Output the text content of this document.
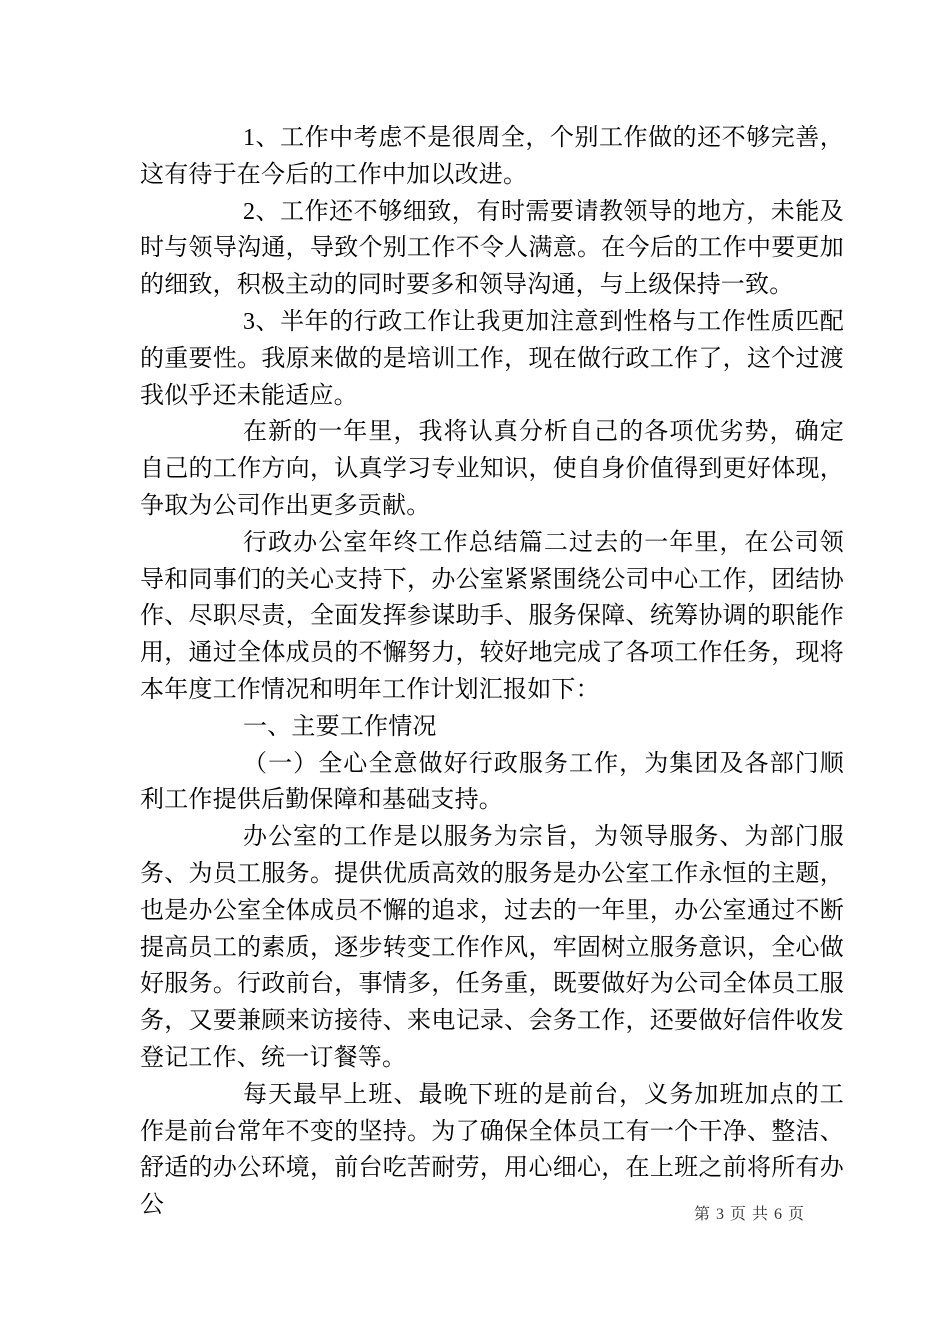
1、工作中考虑不是很周全，个别工作做的还不够完善，这有待于在今后的工作中加以改进。

2、工作还不够细致，有时需要请教领导的地方，未能及时与领导沟通，导致个别工作不令人满意。在今后的工作中要更加的细致，积极主动的同时要多和领导沟通，与上级保持一致。

3、半年的行政工作让我更加注意到性格与工作性质匹配的重要性。我原来做的是培训工作，现在做行政工作了，这个过渡我似乎还未能适应。

在新的一年里，我将认真分析自己的各项优劣势，确定自己的工作方向，认真学习专业知识，使自身价值得到更好体现，争取为公司作出更多贡献。

行政办公室年终工作总结篇二过去的一年里，在公司领导和同事们的关心支持下，办公室紧紧围绕公司中心工作，团结协作、尽职尽责，全面发挥参谋助手、服务保障、统筹协调的职能作用，通过全体成员的不懈努力，较好地完成了各项工作任务，现将本年度工作情况和明年工作计划汇报如下：

一、主要工作情况

（一）全心全意做好行政服务工作，为集团及各部门顺利工作提供后勤保障和基础支持。

办公室的工作是以服务为宗旨，为领导服务、为部门服务、为员工服务。提供优质高效的服务是办公室工作永恒的主题，也是办公室全体成员不懈的追求，过去的一年里，办公室通过不断提高员工的素质，逐步转变工作作风，牢固树立服务意识，全心做好服务。行政前台，事情多，任务重，既要做好为公司全体员工服务，又要兼顾来访接待、来电记录、会务工作，还要做好信件收发登记工作、统一订餐等。

每天最早上班、最晚下班的是前台，义务加班加点的工作是前台常年不变的坚持。为了确保全体员工有一个干净、整洁、舒适的办公环境，前台吃苦耐劳，用心细心，在上班之前将所有办公	第 3 页 共 6 页
